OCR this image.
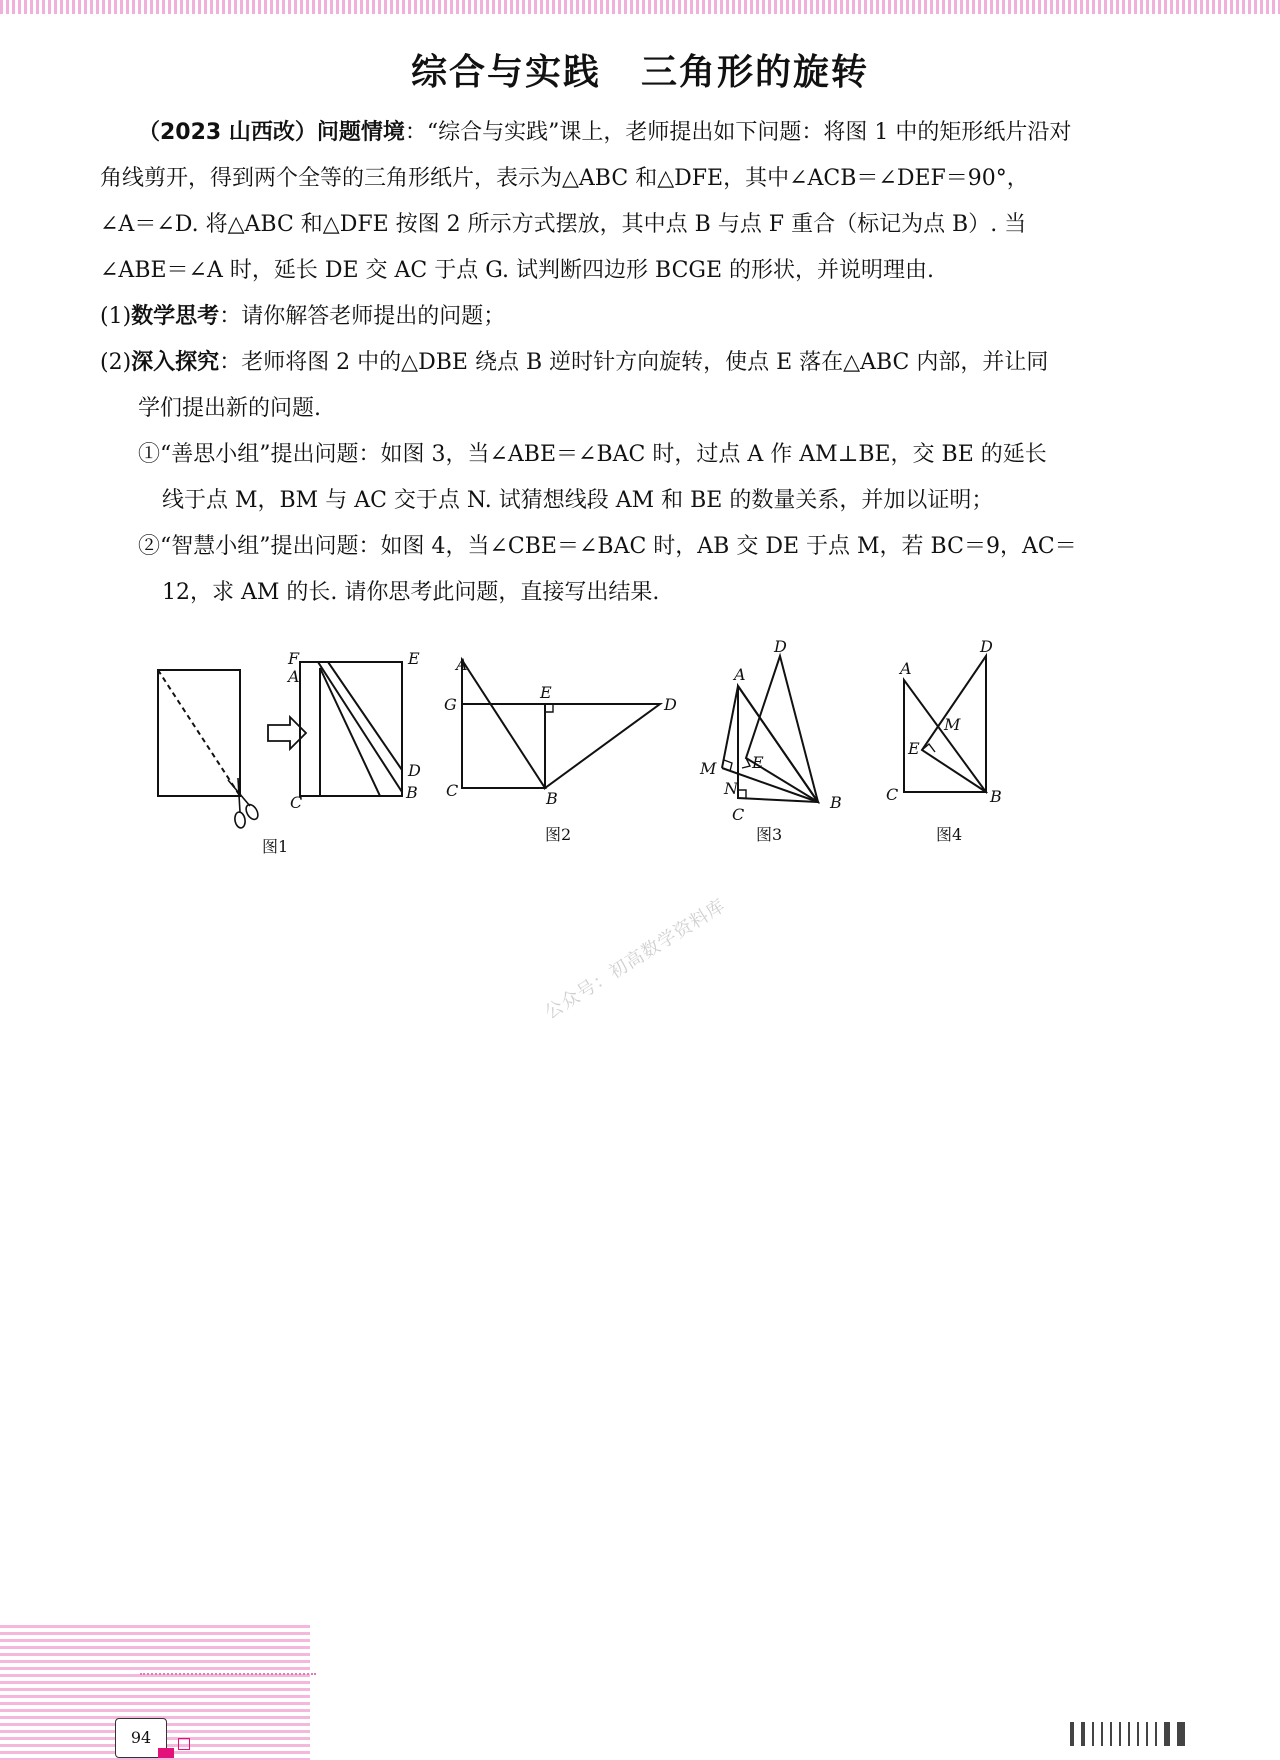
综合与实践 三角形的旋转

（2023 山西改）问题情境：“综合与实践”课上，老师提出如下问题：将图 1 中的矩形纸片沿对

角线剪开，得到两个全等的三角形纸片，表示为△ABC 和△DFE，其中∠ACB＝∠DEF＝90°，

∠A＝∠D. 将△ABC 和△DFE 按图 2 所示方式摆放，其中点 B 与点 F 重合（标记为点 B）. 当

∠ABE＝∠A 时，延长 DE 交 AC 于点 G. 试判断四边形 BCGE 的形状，并说明理由.

(1)数学思考：请你解答老师提出的问题；

(2)深入探究：老师将图 2 中的△DBE 绕点 B 逆时针方向旋转，使点 E 落在△ABC 内部，并让同

学们提出新的问题.

①“善思小组”提出问题：如图 3，当∠ABE＝∠BAC 时，过点 A 作 AM⊥BE，交 BE 的延长

线于点 M，BM 与 AC 交于点 N. 试猜想线段 AM 和 BE 的数量关系，并加以证明；

②“智慧小组”提出问题：如图 4，当∠CBE＝∠BAC 时，AB 交 DE 于点 M，若 BC＝9，AC＝

12，求 AM 的长. 请你思考此问题，直接写出结果.

F
A
E
D
C
B
图1
A
G
E
D
C	B
图2
D
A
M E
N
C
B
图3
D
A
M
E
C	B
图4
公众号：初高数学资料库
94
